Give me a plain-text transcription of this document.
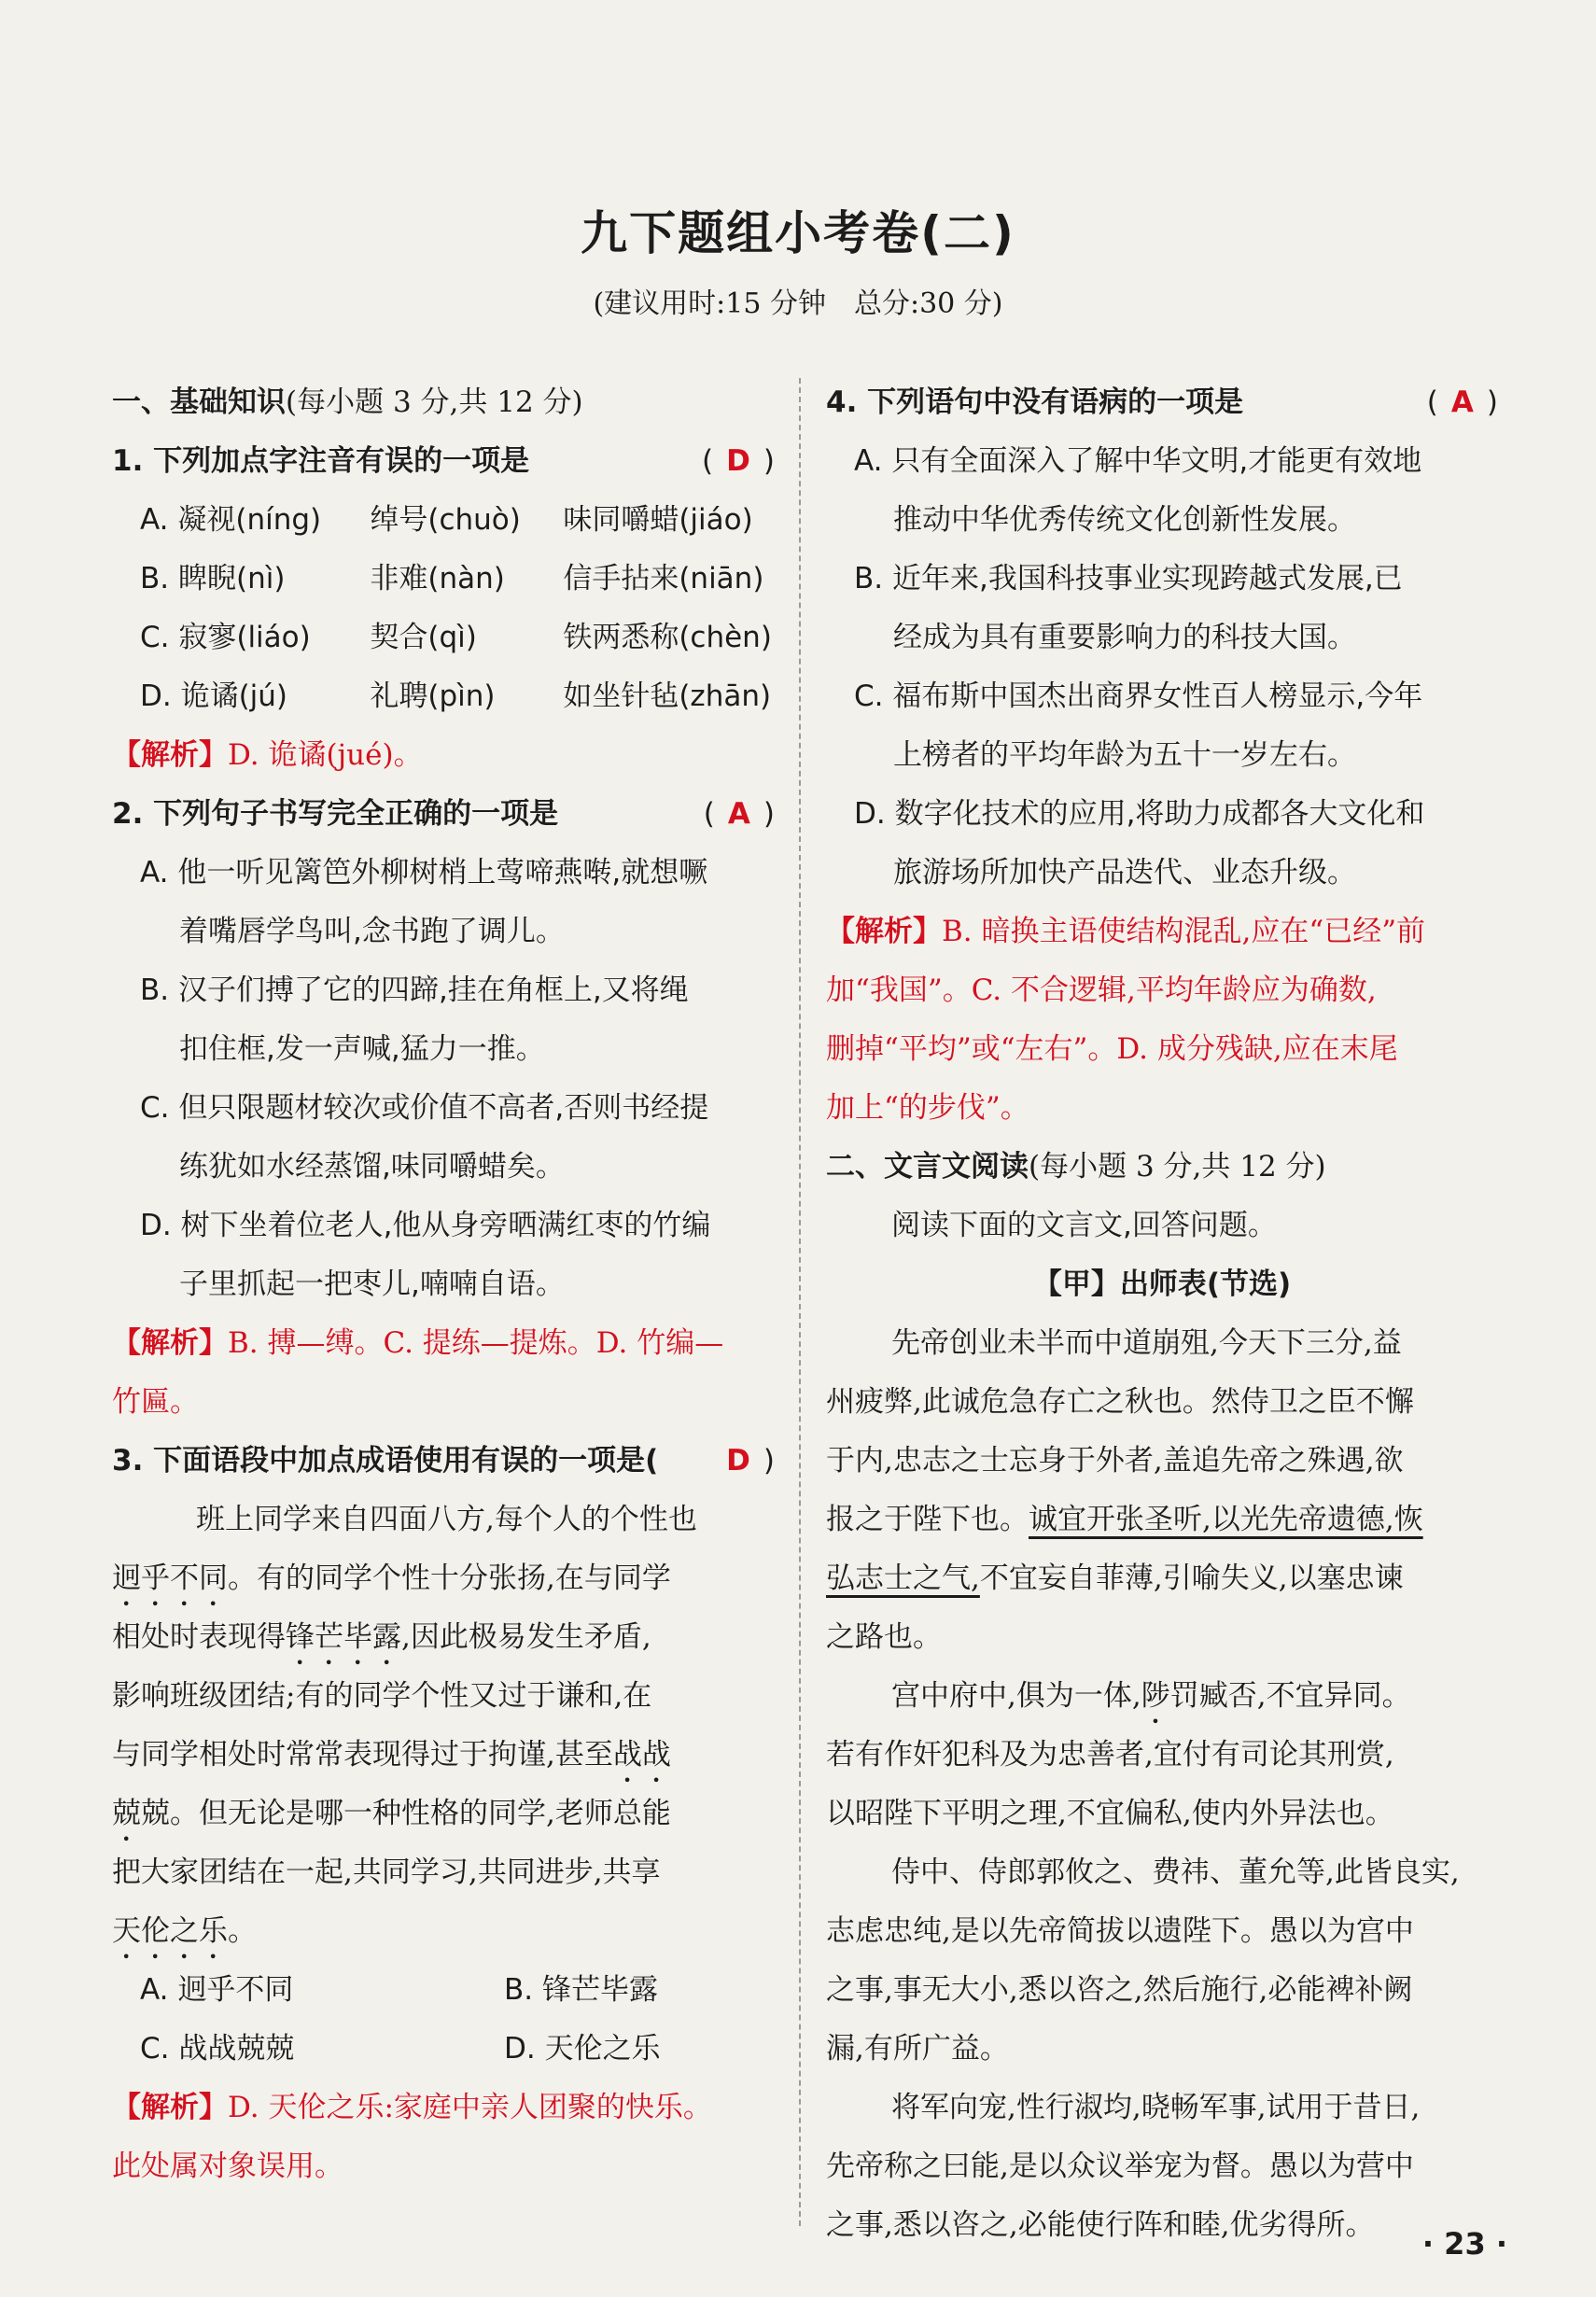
九下题组小考卷(二)
(建议用时:15 分钟　总分:30 分)
一、基础知识(每小题 3 分,共 12 分)
1. 下列加点字注音有误的一项是	( D )
A. 凝视(níng)	绰号(chuò)	味同嚼蜡(jiáo)
B. 睥睨(nì)	非难(nàn)	信手拈来(niān)
C. 寂寥(liáo)	契合(qì)	铁两悉称(chèn)
D. 诡谲(jú)	礼聘(pìn)	如坐针毡(zhān)
【解析】D. 诡谲(jué)。
2. 下列句子书写完全正确的一项是	( A )
A. 他一听见篱笆外柳树梢上莺啼燕啭,就想噘
着嘴唇学鸟叫,念书跑了调儿。
B. 汉子们搏了它的四蹄,挂在角框上,又将绳
扣住框,发一声喊,猛力一推。
C. 但只限题材较次或价值不高者,否则书经提
练犹如水经蒸馏,味同嚼蜡矣。
D. 树下坐着位老人,他从身旁晒满红枣的竹编
子里抓起一把枣儿,喃喃自语。
【解析】B. 搏—缚。C. 提练—提炼。D. 竹编—
竹匾。
3. 下面语段中加点成语使用有误的一项是(	D )
班上同学来自四面八方,每个人的个性也
迥乎不同。有的同学个性十分张扬,在与同学
相处时表现得锋芒毕露,因此极易发生矛盾,
影响班级团结;有的同学个性又过于谦和,在
与同学相处时常常表现得过于拘谨,甚至战战
兢兢。但无论是哪一种性格的同学,老师总能
把大家团结在一起,共同学习,共同进步,共享
天伦之乐。
A. 迥乎不同	B. 锋芒毕露
C. 战战兢兢	D. 天伦之乐
【解析】D. 天伦之乐:家庭中亲人团聚的快乐。
此处属对象误用。
4. 下列语句中没有语病的一项是	( A )
A. 只有全面深入了解中华文明,才能更有效地
推动中华优秀传统文化创新性发展。
B. 近年来,我国科技事业实现跨越式发展,已
经成为具有重要影响力的科技大国。
C. 福布斯中国杰出商界女性百人榜显示,今年
上榜者的平均年龄为五十一岁左右。
D. 数字化技术的应用,将助力成都各大文化和
旅游场所加快产品迭代、业态升级。
【解析】B. 暗换主语使结构混乱,应在“已经”前
加“我国”。C. 不合逻辑,平均年龄应为确数,
删掉“平均”或“左右”。D. 成分残缺,应在末尾
加上“的步伐”。
二、文言文阅读(每小题 3 分,共 12 分)
阅读下面的文言文,回答问题。
【甲】出师表(节选)
先帝创业未半而中道崩殂,今天下三分,益
州疲弊,此诚危急存亡之秋也。然侍卫之臣不懈
于内,忠志之士忘身于外者,盖追先帝之殊遇,欲
报之于陛下也。诚宜开张圣听,以光先帝遗德,恢
弘志士之气,不宜妄自菲薄,引喻失义,以塞忠谏
之路也。
宫中府中,俱为一体,陟罚臧否,不宜异同。
若有作奸犯科及为忠善者,宜付有司论其刑赏,
以昭陛下平明之理,不宜偏私,使内外异法也。
侍中、侍郎郭攸之、费祎、董允等,此皆良实,
志虑忠纯,是以先帝简拔以遗陛下。愚以为宫中
之事,事无大小,悉以咨之,然后施行,必能裨补阙
漏,有所广益。
将军向宠,性行淑均,晓畅军事,试用于昔日,
先帝称之曰能,是以众议举宠为督。愚以为营中
之事,悉以咨之,必能使行阵和睦,优劣得所。
· 23 ·
